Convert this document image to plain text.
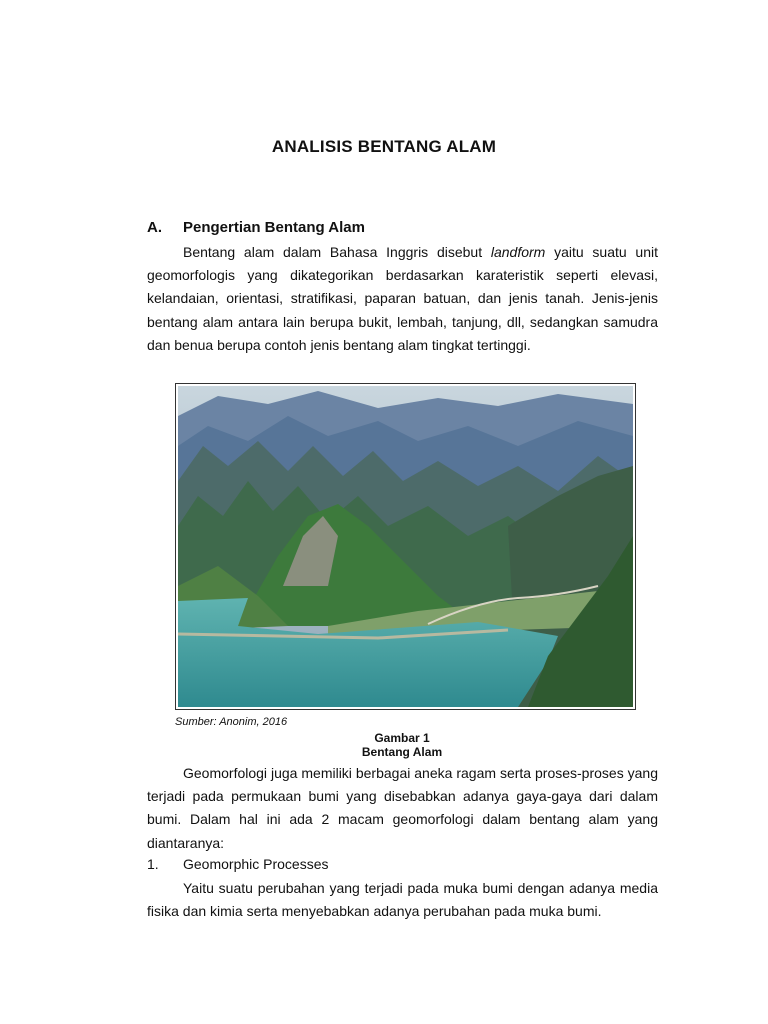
ANALISIS BENTANG ALAM
A. Pengertian Bentang Alam
Bentang alam dalam Bahasa Inggris disebut landform yaitu suatu unit geomorfologis yang dikategorikan berdasarkan karateristik seperti elevasi, kelandaian, orientasi, stratifikasi, paparan batuan, dan jenis tanah. Jenis-jenis bentang alam antara lain berupa bukit, lembah, tanjung, dll, sedangkan samudra dan benua berupa contoh jenis bentang alam tingkat tertinggi.
Sumber: Anonim, 2016
Gambar 1
Bentang Alam
Geomorfologi juga memiliki berbagai aneka ragam serta proses-proses yang terjadi pada permukaan bumi yang disebabkan adanya gaya-gaya dari dalam bumi. Dalam hal ini ada 2 macam geomorfologi dalam bentang alam yang diantaranya:
1. Geomorphic Processes
Yaitu suatu perubahan yang terjadi pada muka bumi dengan adanya media fisika dan kimia serta menyebabkan adanya perubahan pada muka bumi.
